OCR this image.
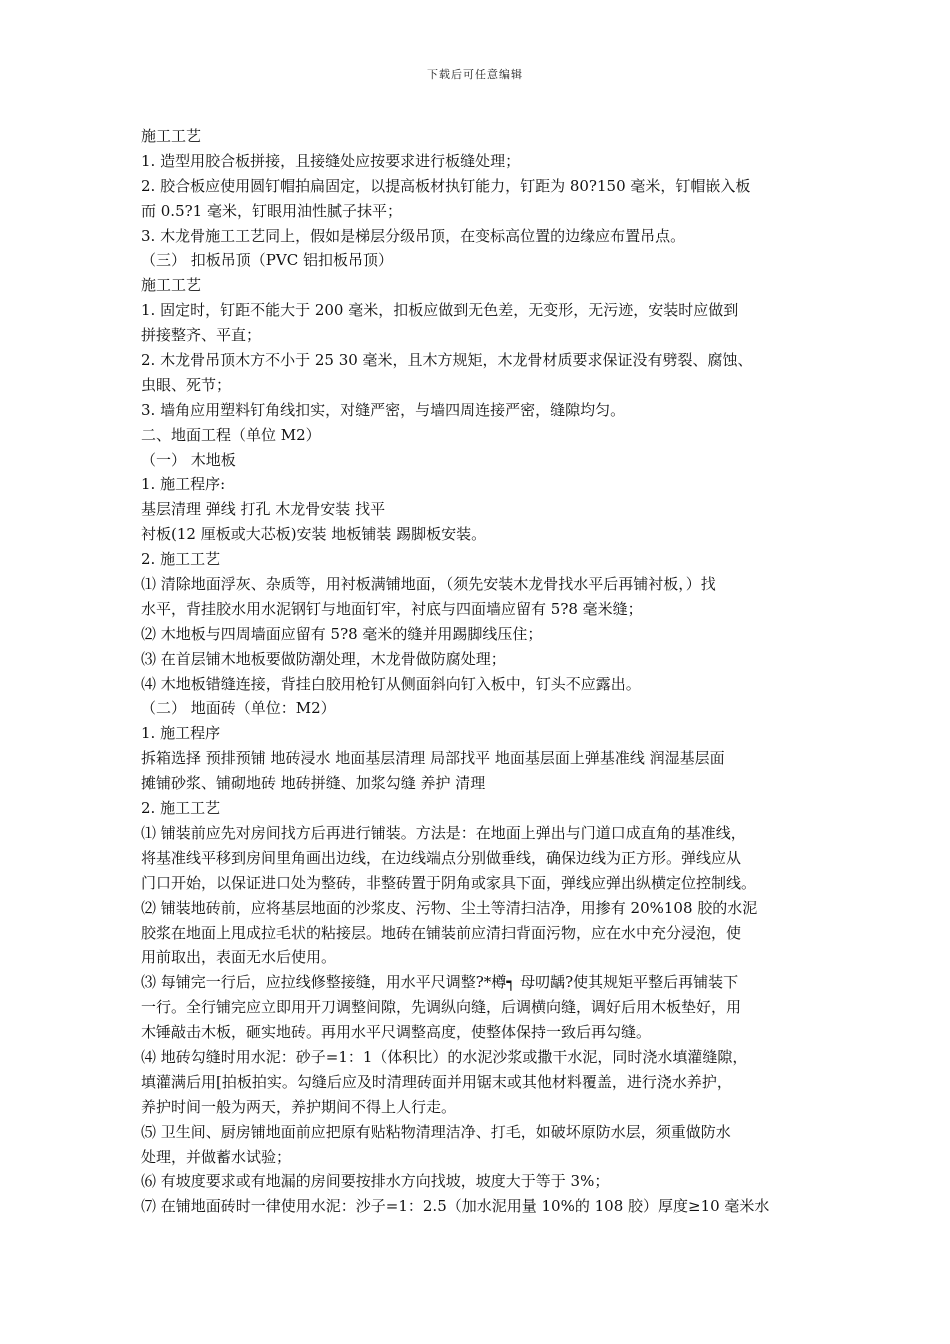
下载后可任意编辑
施工工艺
1. 造型用胶合板拼接，且接缝处应按要求进行板缝处理；
2. 胶合板应使用圆钉帽拍扁固定，以提高板材执钉能力，钉距为 80?150 毫米，钉帽嵌入板
而 0.5?1 毫米，钉眼用油性腻子抹平；
3. 木龙骨施工工艺同上，假如是梯层分级吊顶，在变标高位置的边缘应布置吊点。
（三） 扣板吊顶（PVC 铝扣板吊顶）
施工工艺
1. 固定时，钉距不能大于 200 毫米，扣板应做到无色差，无变形，无污迹，安装时应做到
拼接整齐、平直；
2. 木龙骨吊顶木方不小于 25 30 毫米，且木方规矩，木龙骨材质要求保证没有劈裂、腐蚀、
虫眼、死节；
3. 墙角应用塑料钉角线扣实，对缝严密，与墙四周连接严密，缝隙均匀。
二、地面工程（单位 M2）
（一） 木地板
1. 施工程序:
基层清理 弹线 打孔 木龙骨安装 找平
衬板(12 厘板或大芯板)安装 地板铺装 踢脚板安装。
2. 施工工艺
⑴ 清除地面浮灰、杂质等，用衬板满铺地面，（须先安装木龙骨找水平后再铺衬板，）找
水平，背挂胶水用水泥钢钉与地面钉牢，衬底与四面墙应留有 5?8 毫米缝；
⑵ 木地板与四周墙面应留有 5?8 毫米的缝并用踢脚线压住；
⑶ 在首层铺木地板要做防潮处理，木龙骨做防腐处理；
⑷ 木地板错缝连接，背挂白胶用枪钉从侧面斜向钉入板中，钉头不应露出。
（二） 地面砖（单位：M2）
1. 施工程序
拆箱选择 预排预铺 地砖浸水 地面基层清理 局部找平 地面基层面上弹基准线 润湿基层面
摊铺砂浆、铺砌地砖 地砖拼缝、加浆勾缝 养护 清理
2. 施工工艺
⑴ 铺装前应先对房间找方后再进行铺装。方法是：在地面上弹出与门道口成直角的基准线，
将基准线平移到房间里角画出边线，在边线端点分别做垂线，确保边线为正方形。弹线应从
门口开始，以保证进口处为整砖，非整砖置于阴角或家具下面，弹线应弹出纵横定位控制线。
⑵ 铺装地砖前，应将基层地面的沙浆皮、污物、尘土等清扫洁净，用掺有 20%108 胶的水泥
胶浆在地面上甩成拉毛状的粘接层。地砖在铺装前应清扫背面污物，应在水中充分浸泡，使
用前取出，表面无水后使用。
⑶ 每铺完一行后，应拉线修整接缝，用水平尺调整?*樽┑ 母叨龋?使其规矩平整后再铺装下
一行。全行铺完应立即用开刀调整间隙，先调纵向缝，后调横向缝，调好后用木板垫好，用
木锤敲击木板，砸实地砖。再用水平尺调整高度，使整体保持一致后再勾缝。
⑷ 地砖勾缝时用水泥：砂子=1：1（体积比）的水泥沙浆或撒干水泥，同时浇水填灌缝隙，
填灌满后用[拍板拍实。勾缝后应及时清理砖面并用锯末或其他材料覆盖，进行浇水养护，
养护时间一般为两天，养护期间不得上人行走。
⑸ 卫生间、厨房铺地面前应把原有贴粘物清理洁净、打毛，如破坏原防水层，须重做防水
处理，并做蓄水试验；
⑹ 有坡度要求或有地漏的房间要按排水方向找坡，坡度大于等于 3%；
⑺ 在铺地面砖时一律使用水泥：沙子=1：2.5（加水泥用量 10%的 108 胶）厚度≥10 毫米水
